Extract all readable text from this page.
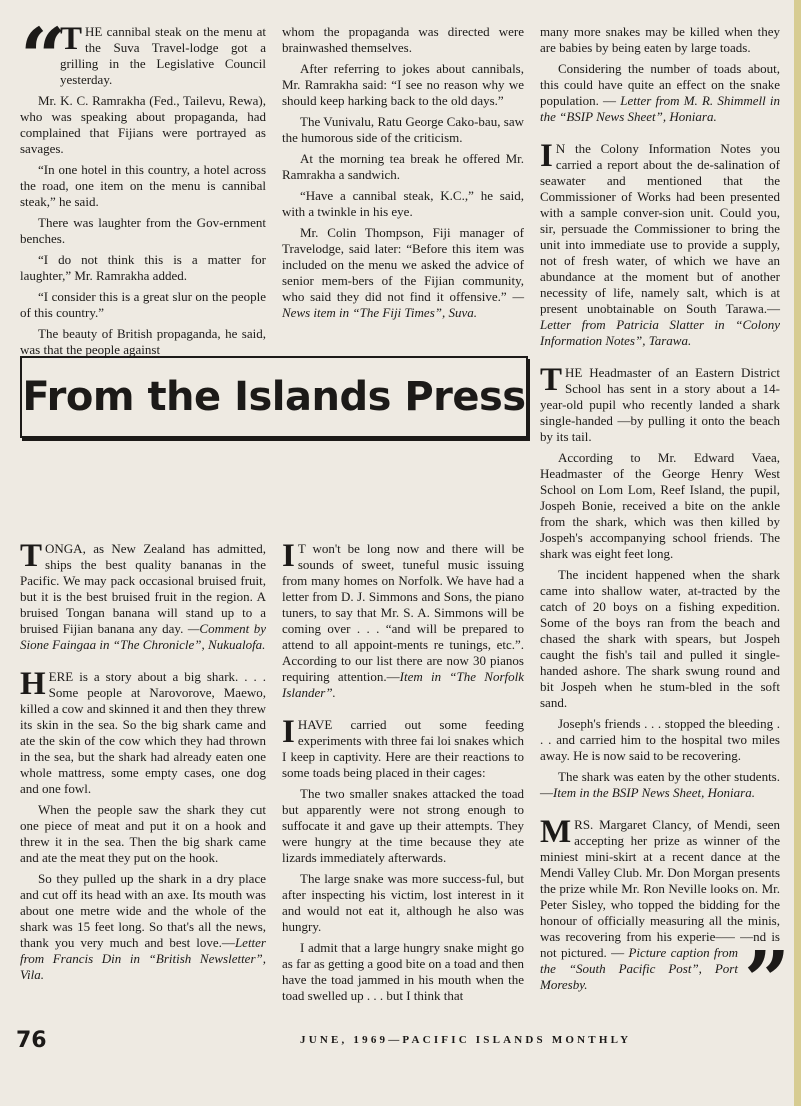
“ T HE cannibal steak on the menu at the Suva Travel-lodge got a grilling in the Legislative Council yesterday.

Mr. K. C. Ramrakha (Fed., Tailevu, Rewa), who was speaking about propaganda, had complained that Fijians were portrayed as savages.

“In one hotel in this country, a hotel across the road, one item on the menu is cannibal steak,” he said.

There was laughter from the Gov-ernment benches.

“I do not think this is a matter for laughter,” Mr. Ramrakha added.

“I consider this is a great slur on the people of this country.”

The beauty of British propaganda, he said, was that the people against

whom the propaganda was directed were brainwashed themselves.

After referring to jokes about cannibals, Mr. Ramrakha said: “I see no reason why we should keep harking back to the old days.”

The Vunivalu, Ratu George Cako-bau, saw the humorous side of the criticism.

At the morning tea break he offered Mr. Ramrakha a sandwich.

“Have a cannibal steak, K.C.,” he said, with a twinkle in his eye.

Mr. Colin Thompson, Fiji manager of Travelodge, said later: “Before this item was included on the menu we asked the advice of senior mem-bers of the Fijian community, who said they did not find it offensive.” —News item in “The Fiji Times”, Suva.

From the Islands Press

many more snakes may be killed when they are babies by being eaten by large toads.

Considering the number of toads about, this could have quite an effect on the snake population. — Letter from M. R. Shimmell in the “BSIP News Sheet”, Honiara.

I N the Colony Information Notes you carried a report about the de-salination of seawater and mentioned that the Commissioner of Works had been presented with a sample conver-sion unit. Could you, sir, persuade the Commissioner to bring the unit into immediate use to provide a supply, not of fresh water, of which we have an abundance at the moment but of another necessity of life, namely salt, which is at present unobtainable on South Tarawa.—Letter from Patricia Slatter in “Colony Information Notes”, Tarawa.

THE Headmaster of an Eastern District School has sent in a story about a 14-year-old pupil who recently landed a shark single-handed —by pulling it onto the beach by its tail.

According to Mr. Edward Vaea, Headmaster of the George Henry West School on Lom Lom, Reef Island, the pupil, Jospeh Bonie, received a bite on the ankle from the shark, which was then killed by Jospeh's accompanying school friends. The shark was eight feet long.

The incident happened when the shark came into shallow water, at-tracted by the catch of 20 boys on a fishing expedition. Some of the boys ran from the beach and chased the shark with spears, but Jospeh caught the fish's tail and pulled it single-handed ashore. The shark swung round and bit Jospeh when he stum-bled in the soft sand.

Joseph's friends . . . stopped the bleeding . . . and carried him to the hospital two miles away. He is now said to be recovering.

The shark was eaten by the other students.—Item in the BSIP News Sheet, Honiara.

MRS. Margaret Clancy, of Mendi, seen accepting her prize as winner of the miniest mini-skirt at a recent dance at the Mendi Valley Club. Mr. Don Morgan presents the prize while Mr. Ron Neville looks on. Mr. Peter Sisley, who topped the bidding for the honour of officially measuring all the minis, was recovering from his experie––– ––nd is not pictured. — ”
Picture caption from the “South Pacific Post”, Port Moresby.

TONGA, as New Zealand has admitted, ships the best quality bananas in the Pacific. We may pack occasional bruised fruit, but it is the best bruised fruit in the region. A bruised Tongan banana will stand up to a bruised Fijian banana any day. —Comment by Sione Faingaa in “The Chronicle”, Nukualofa.

HERE is a story about a big shark. . . . Some people at Narovorove, Maewo, killed a cow and skinned it and then they threw its skin in the sea. So the big shark came and ate the skin of the cow which they had thrown in the sea, but the shark had already eaten one whole mattress, some empty cases, one dog and one fowl.

When the people saw the shark they cut one piece of meat and put it on a hook and threw it in the sea. Then the big shark came and ate the meat they put on the hook.

So they pulled up the shark in a dry place and cut off its head with an axe. Its mouth was about one metre wide and the whole of the shark was 15 feet long. So that's all the news, thank you very much and best love.—Letter from Francis Din in “British Newsletter”, Vila.

I T won't be long now and there will be sounds of sweet, tuneful music issuing from many homes on Norfolk. We have had a letter from D. J. Simmons and Sons, the piano tuners, to say that Mr. S. A. Simmons will be coming over . . . “and will be prepared to attend to all appoint-ments re tunings, etc.”. According to our list there are now 30 pianos requiring attention.—Item in “The Norfolk Islander”.

I HAVE carried out some feeding experiments with three fai loi snakes which I keep in captivity. Here are their reactions to some toads being placed in their cages:

The two smaller snakes attacked the toad but apparently were not strong enough to suffocate it and gave up their attempts. They were hungry at the time because they ate lizards immediately afterwards.

The large snake was more success-ful, but after inspecting his victim, lost interest in it and would not eat it, although he also was hungry.

I admit that a large hungry snake might go as far as getting a good bite on a toad and then have the toad jammed in his mouth when the toad swelled up . . . but I think that

76	JUNE, 1969—PACIFIC ISLANDS MONTHLY
